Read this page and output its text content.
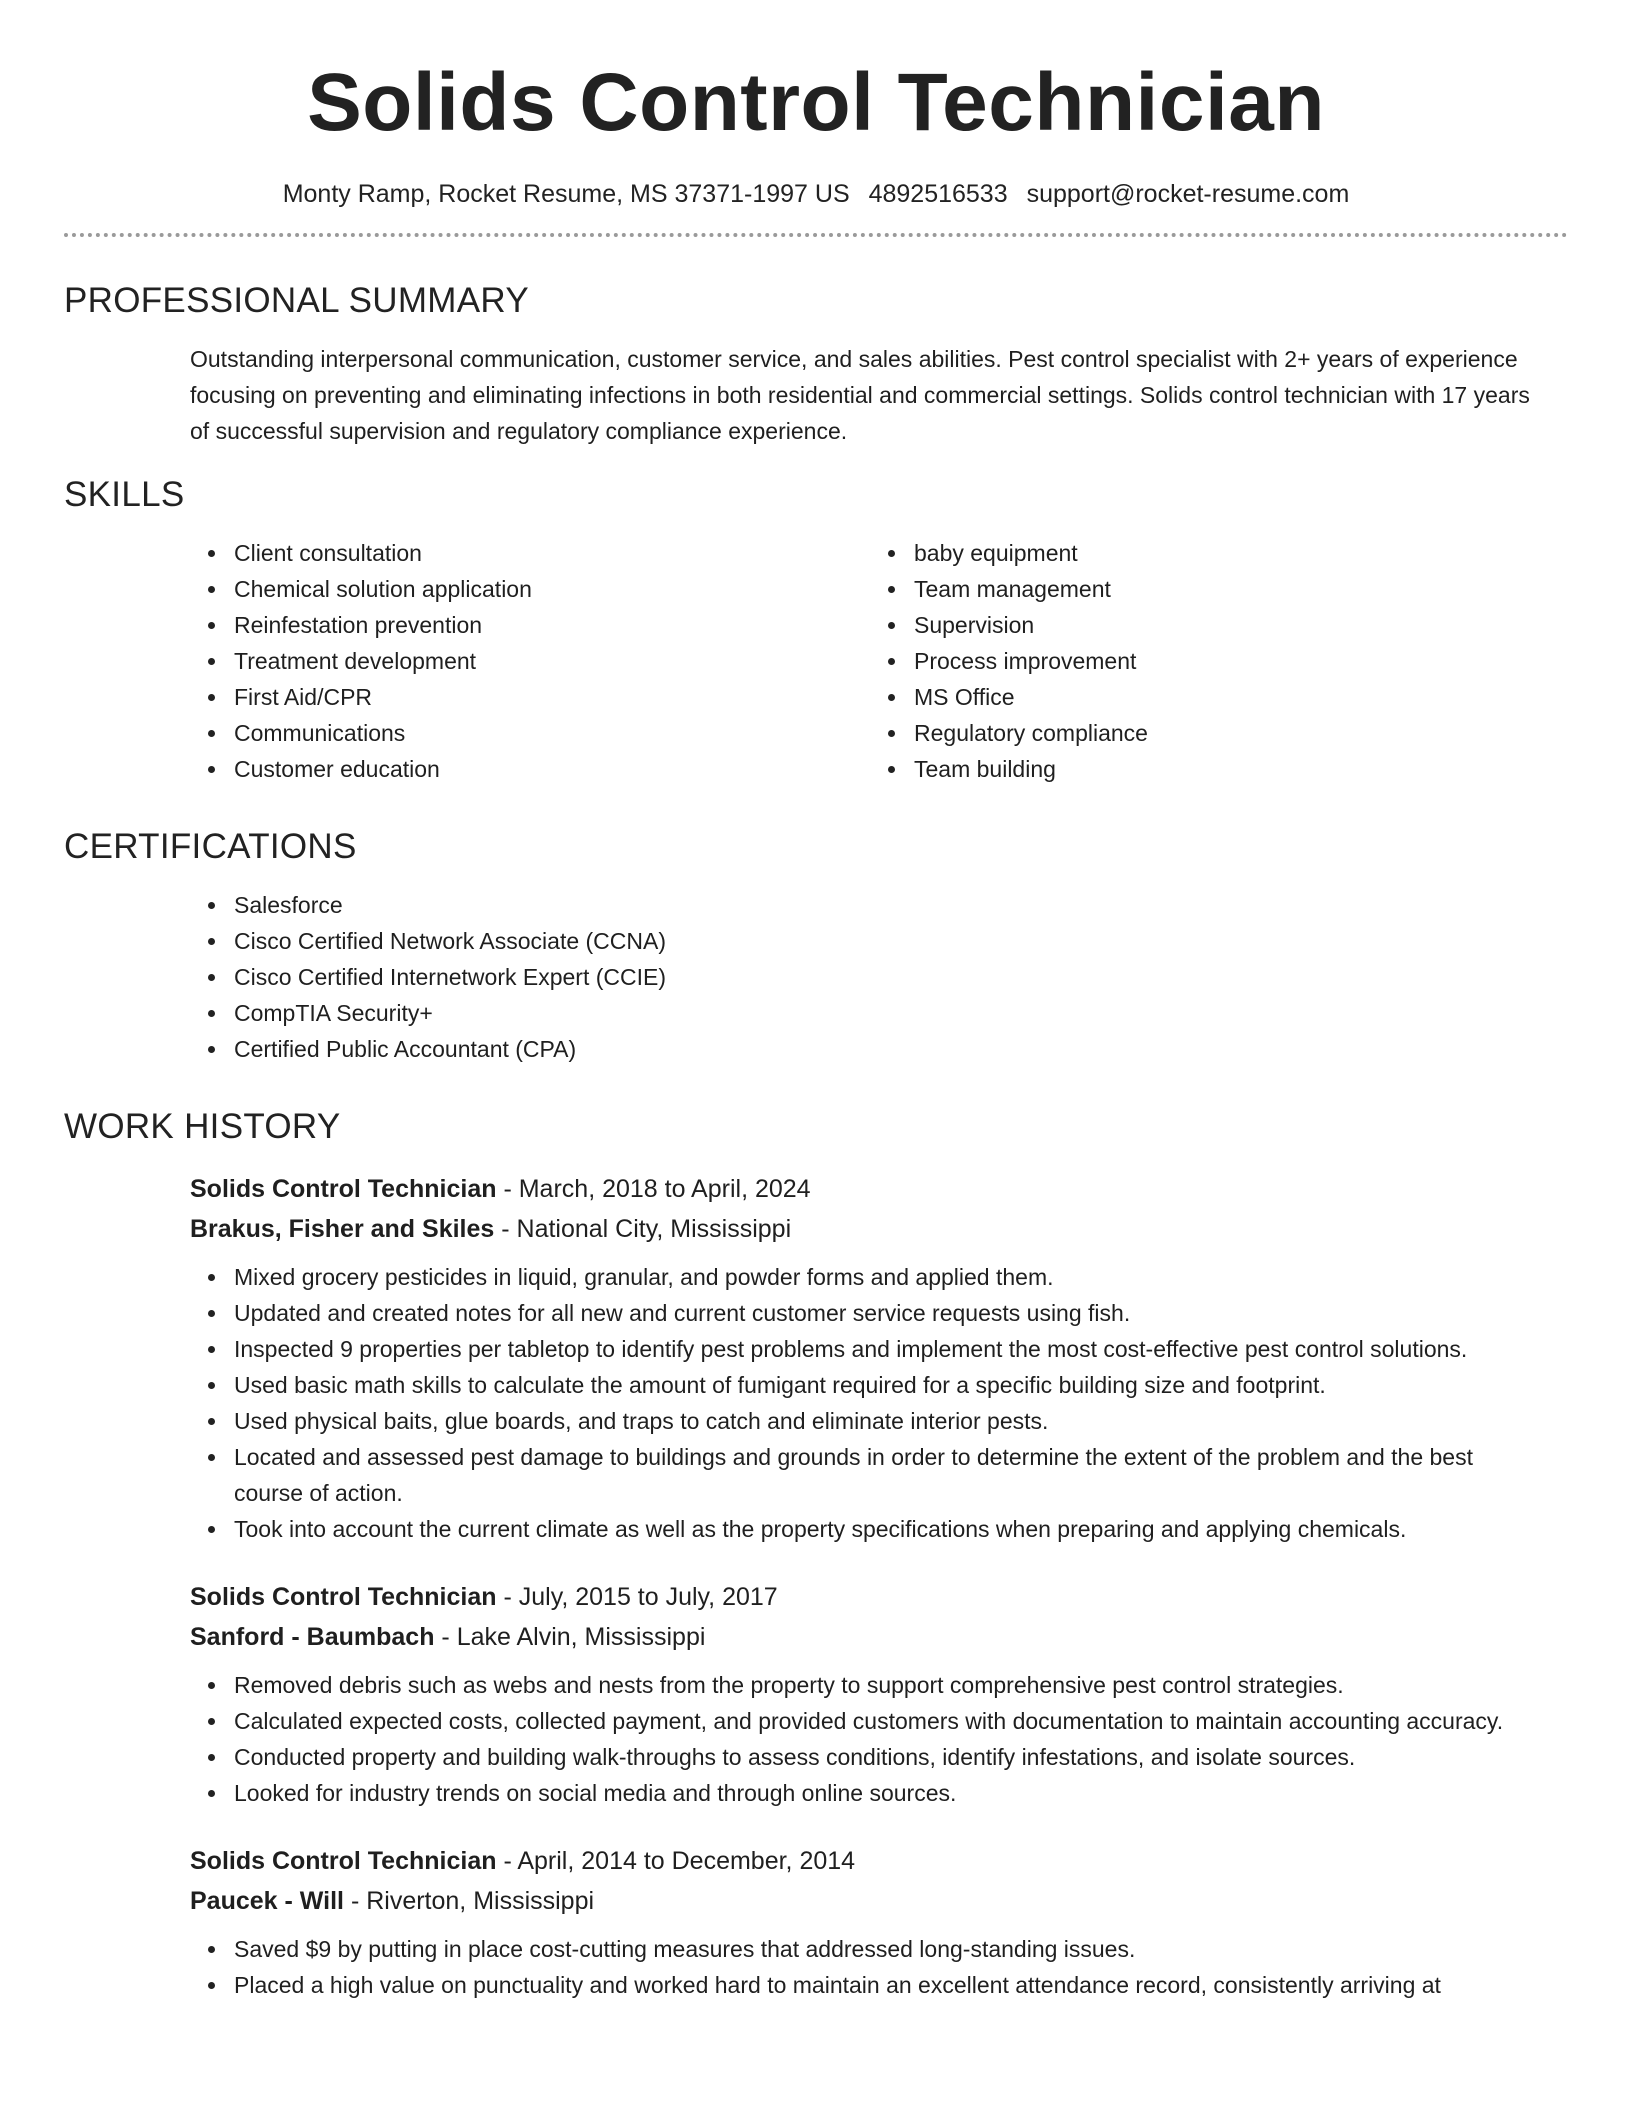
Solids Control Technician
Monty Ramp, Rocket Resume, MS 37371-1997 US 4892516533 support@rocket-resume.com
PROFESSIONAL SUMMARY
Outstanding interpersonal communication, customer service, and sales abilities. Pest control specialist with 2+ years of experience focusing on preventing and eliminating infections in both residential and commercial settings. Solids control technician with 17 years of successful supervision and regulatory compliance experience.
SKILLS
Client consultation
Chemical solution application
Reinfestation prevention
Treatment development
First Aid/CPR
Communications
Customer education
baby equipment
Team management
Supervision
Process improvement
MS Office
Regulatory compliance
Team building
CERTIFICATIONS
Salesforce
Cisco Certified Network Associate (CCNA)
Cisco Certified Internetwork Expert (CCIE)
CompTIA Security+
Certified Public Accountant (CPA)
WORK HISTORY
Solids Control Technician - March, 2018 to April, 2024
Brakus, Fisher and Skiles - National City, Mississippi
Mixed grocery pesticides in liquid, granular, and powder forms and applied them.
Updated and created notes for all new and current customer service requests using fish.
Inspected 9 properties per tabletop to identify pest problems and implement the most cost-effective pest control solutions.
Used basic math skills to calculate the amount of fumigant required for a specific building size and footprint.
Used physical baits, glue boards, and traps to catch and eliminate interior pests.
Located and assessed pest damage to buildings and grounds in order to determine the extent of the problem and the best course of action.
Took into account the current climate as well as the property specifications when preparing and applying chemicals.
Solids Control Technician - July, 2015 to July, 2017
Sanford - Baumbach - Lake Alvin, Mississippi
Removed debris such as webs and nests from the property to support comprehensive pest control strategies.
Calculated expected costs, collected payment, and provided customers with documentation to maintain accounting accuracy.
Conducted property and building walk-throughs to assess conditions, identify infestations, and isolate sources.
Looked for industry trends on social media and through online sources.
Solids Control Technician - April, 2014 to December, 2014
Paucek - Will - Riverton, Mississippi
Saved $9 by putting in place cost-cutting measures that addressed long-standing issues.
Placed a high value on punctuality and worked hard to maintain an excellent attendance record, consistently arriving at
